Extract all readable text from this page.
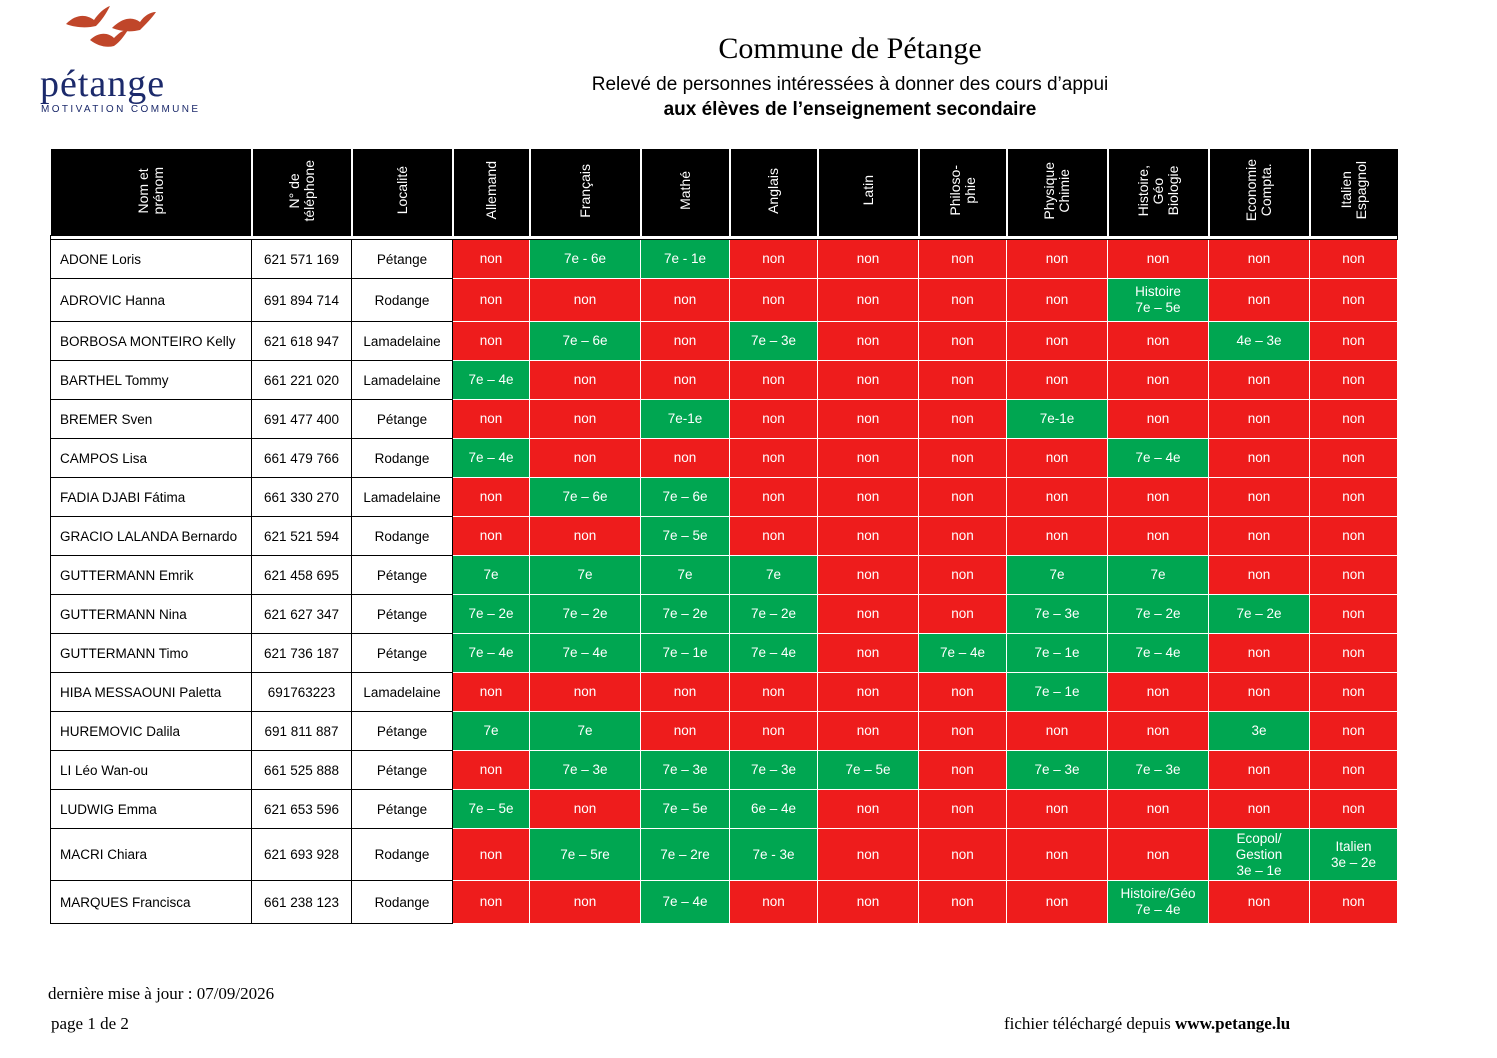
pétange
MOTIVATION COMMUNE
Commune de Pétange
Relevé de personnes intéressées à donner des cours d’appui
aux élèves de l’enseignement secondaire
Nom et
prénom	N° de
téléphone	Localité	Allemand	Français	Mathé	Anglais	Latin	Philoso-
phie	Physique
Chimie	Histoire,
Géo
Biologie	Economie
Compta.	Italien
Espagnol

ADONE Loris	621 571 169	Pétange	non	7e - 6e	7e - 1e	non	non	non	non	non	non	non
ADROVIC Hanna	691 894 714	Rodange	non	non	non	non	non	non	non	Histoire
7e – 5e	non	non
BORBOSA MONTEIRO Kelly	621 618 947	Lamadelaine	non	7e – 6e	non	7e – 3e	non	non	non	non	4e – 3e	non
BARTHEL Tommy	661 221 020	Lamadelaine	7e – 4e	non	non	non	non	non	non	non	non	non
BREMER Sven	691 477 400	Pétange	non	non	7e-1e	non	non	non	7e-1e	non	non	non
CAMPOS Lisa	661 479 766	Rodange	7e – 4e	non	non	non	non	non	non	7e – 4e	non	non
FADIA DJABI Fátima	661 330 270	Lamadelaine	non	7e – 6e	7e – 6e	non	non	non	non	non	non	non
GRACIO LALANDA Bernardo	621 521 594	Rodange	non	non	7e – 5e	non	non	non	non	non	non	non
GUTTERMANN Emrik	621 458 695	Pétange	7e	7e	7e	7e	non	non	7e	7e	non	non
GUTTERMANN Nina	621 627 347	Pétange	7e – 2e	7e – 2e	7e – 2e	7e – 2e	non	non	7e – 3e	7e – 2e	7e – 2e	non
GUTTERMANN Timo	621 736 187	Pétange	7e – 4e	7e – 4e	7e – 1e	7e – 4e	non	7e – 4e	7e – 1e	7e – 4e	non	non
HIBA MESSAOUNI Paletta	691763223	Lamadelaine	non	non	non	non	non	non	7e – 1e	non	non	non
HUREMOVIC Dalila	691 811 887	Pétange	7e	7e	non	non	non	non	non	non	3e	non
LI Léo Wan-ou	661 525 888	Pétange	non	7e – 3e	7e – 3e	7e – 3e	7e – 5e	non	7e – 3e	7e – 3e	non	non
LUDWIG Emma	621 653 596	Pétange	7e – 5e	non	7e – 5e	6e – 4e	non	non	non	non	non	non
MACRI Chiara	621 693 928	Rodange	non	7e – 5re	7e – 2re	7e - 3e	non	non	non	non	Ecopol/
Gestion
3e – 1e	Italien
3e – 2e
MARQUES Francisca	661 238 123	Rodange	non	non	7e – 4e	non	non	non	non	Histoire/Géo
7e – 4e	non	non
dernière mise à jour : 07/09/2026
page 1 de 2	fichier téléchargé depuis www.petange.lu
